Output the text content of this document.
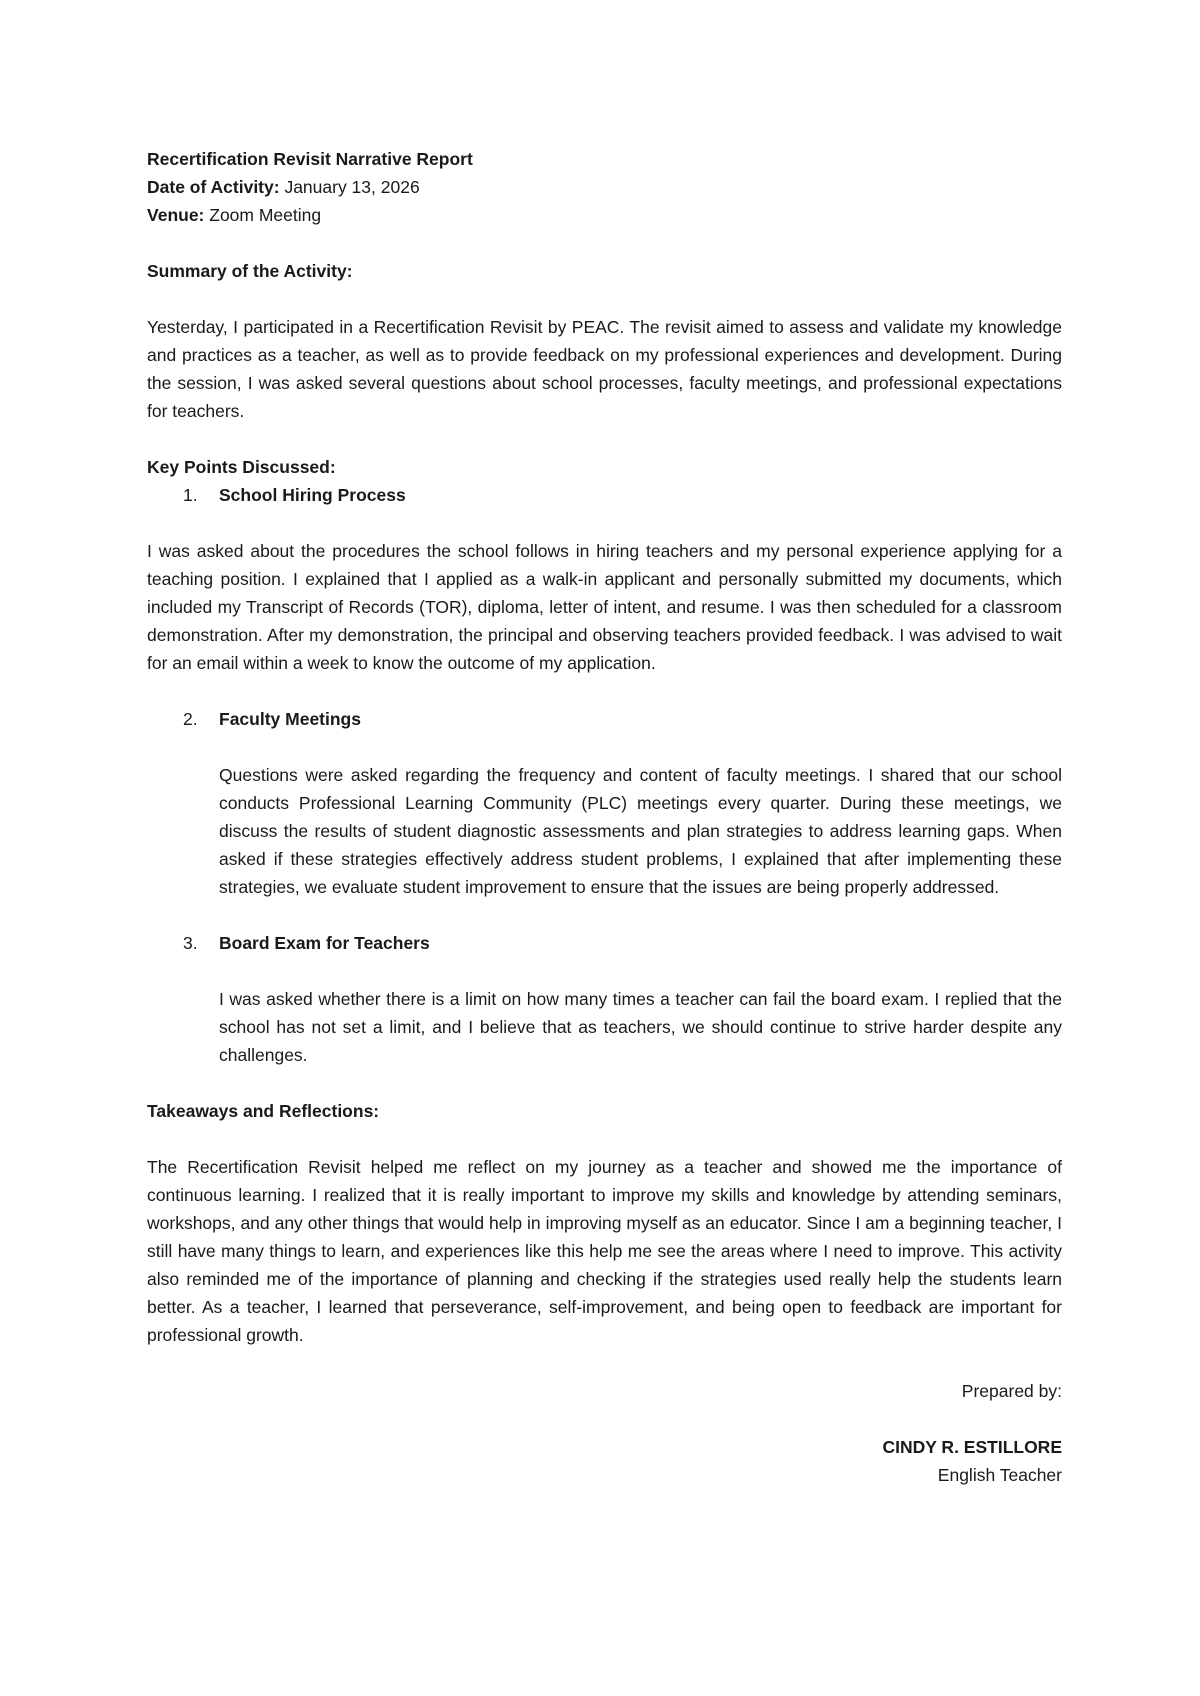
Recertification Revisit Narrative Report

Date of Activity: January 13, 2026

Venue: Zoom Meeting

Summary of the Activity:

Yesterday, I participated in a Recertification Revisit by PEAC. The revisit aimed to assess and validate my knowledge and practices as a teacher, as well as to provide feedback on my professional experiences and development. During the session, I was asked several questions about school processes, faculty meetings, and professional expectations for teachers.

Key Points Discussed:

1. School Hiring Process

I was asked about the procedures the school follows in hiring teachers and my personal experience applying for a teaching position. I explained that I applied as a walk-in applicant and personally submitted my documents, which included my Transcript of Records (TOR), diploma, letter of intent, and resume. I was then scheduled for a classroom demonstration. After my demonstration, the principal and observing teachers provided feedback. I was advised to wait for an email within a week to know the outcome of my application.

2. Faculty Meetings

Questions were asked regarding the frequency and content of faculty meetings. I shared that our school conducts Professional Learning Community (PLC) meetings every quarter. During these meetings, we discuss the results of student diagnostic assessments and plan strategies to address learning gaps. When asked if these strategies effectively address student problems, I explained that after implementing these strategies, we evaluate student improvement to ensure that the issues are being properly addressed.

3. Board Exam for Teachers

I was asked whether there is a limit on how many times a teacher can fail the board exam. I replied that the school has not set a limit, and I believe that as teachers, we should continue to strive harder despite any challenges.

Takeaways and Reflections:

The Recertification Revisit helped me reflect on my journey as a teacher and showed me the importance of continuous learning. I realized that it is really important to improve my skills and knowledge by attending seminars, workshops, and any other things that would help in improving myself as an educator. Since I am a beginning teacher, I still have many things to learn, and experiences like this help me see the areas where I need to improve. This activity also reminded me of the importance of planning and checking if the strategies used really help the students learn better. As a teacher, I learned that perseverance, self-improvement, and being open to feedback are important for professional growth.

Prepared by:

CINDY R. ESTILLORE

English Teacher
